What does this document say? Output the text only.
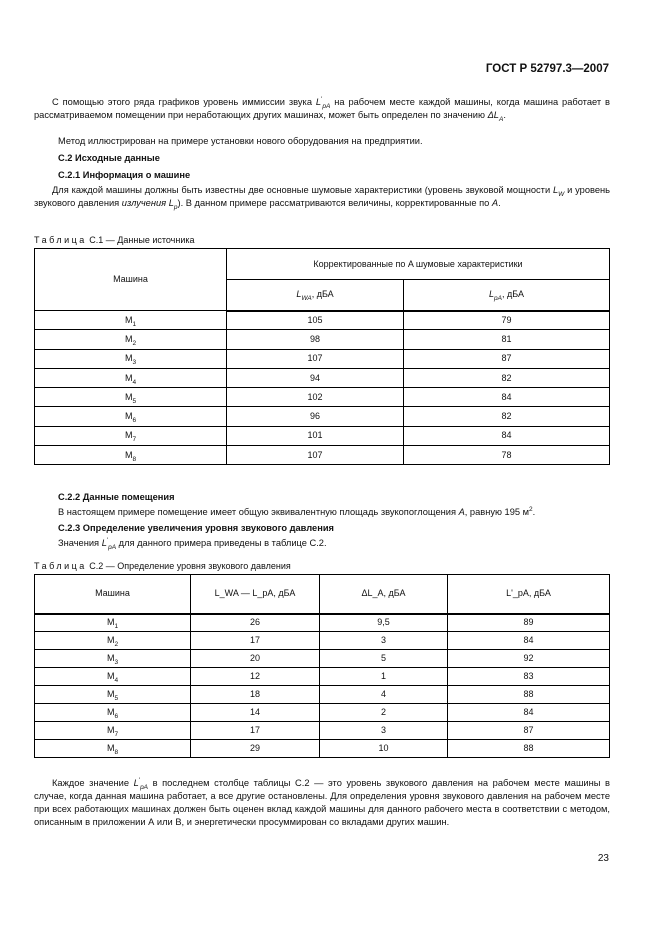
ГОСТ Р 52797.3—2007
С помощью этого ряда графиков уровень иммиссии звука $L'_{pA}$ на рабочем месте каждой машины, когда машина работает в рассматриваемом помещении при неработающих других машинах, может быть определен по значению $\Delta L_A$.
Метод иллюстрирован на примере установки нового оборудования на предприятии.
С.2 Исходные данные
С.2.1 Информация о машине
Для каждой машины должны быть известны две основные шумовые характеристики (уровень звуковой мощности $L_W$ и уровень звукового давления излучения $L_p$). В данном примере рассматриваются величины, корректированные по A.
Таблица С.1 — Данные источника
Машина	Корректированные по A шумовые характеристики	
	$L_{WA}$, дБА	$L_{pA}$, дБА
$M_1$	105	79
$M_2$	98	81
$M_3$	107	87
$M_4$	94	82
$M_5$	102	84
$M_6$	96	82
$M_7$	101	84
$M_8$	107	78
С.2.2 Данные помещения
В настоящем примере помещение имеет общую эквивалентную площадь звукопоглощения A, равную 195 $м^2$.
С.2.3 Определение увеличения уровня звукового давления
Значения $L'_{pA}$ для данного примера приведены в таблице С.2.
Таблица С.2 — Определение уровня звукового давления
Машина	L_WA — L_pA, дБА	ΔL_A, дБА	L'_pA, дБА
$M_1$	26	9,5	89
$M_2$	17	3	84
$M_3$	20	5	92
$M_4$	12	1	83
$M_5$	18	4	88
$M_6$	14	2	84
$M_7$	17	3	87
$M_8$	29	10	88
Каждое значение $L'_{pA}$ в последнем столбце таблицы С.2 — это уровень звукового давления на рабочем месте машины в случае, когда данная машина работает, а все другие остановлены. Для определения уровня звукового давления на рабочем месте при всех работающих машинах должен быть оценен вклад каждой машины для данного рабочего места в соответствии с методом, описанным в приложении А или В, и энергетически просуммирован со вкладами других машин.
23
